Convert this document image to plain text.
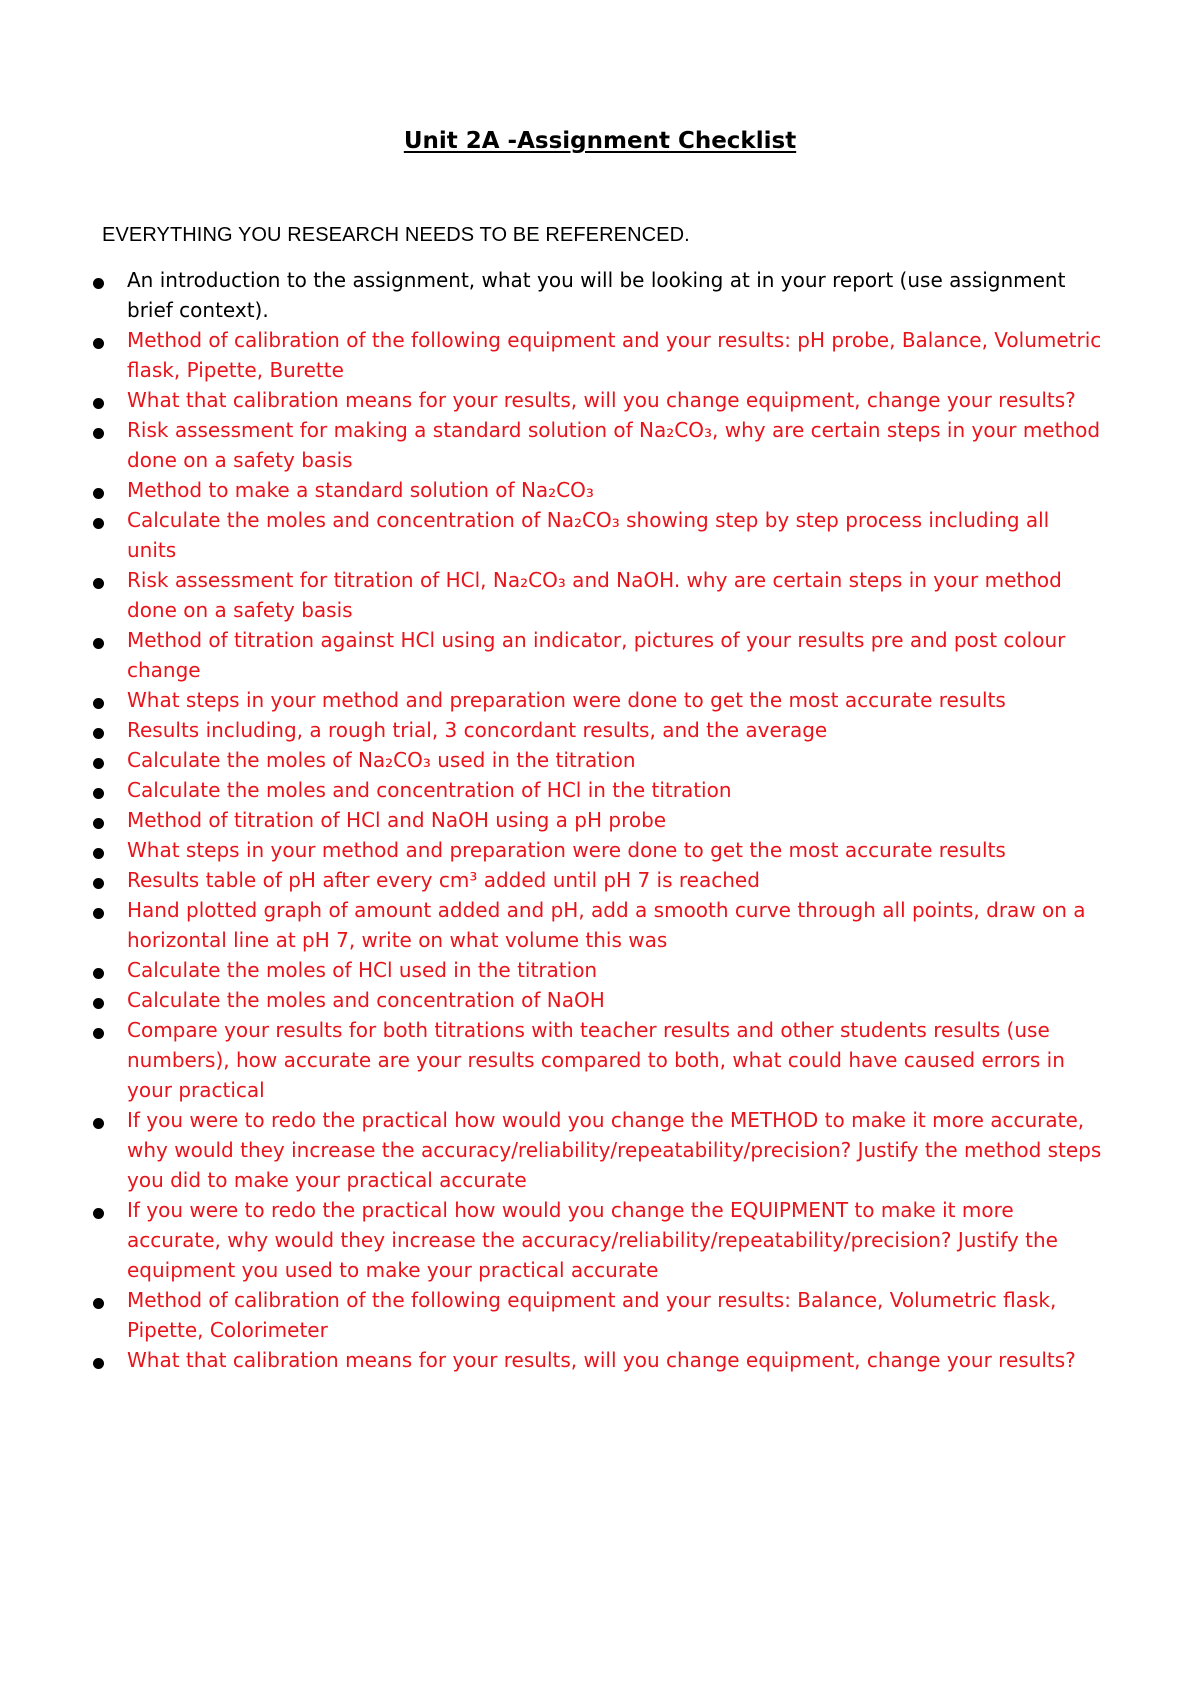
Unit 2A -Assignment Checklist

EVERYTHING YOU RESEARCH NEEDS TO BE REFERENCED.

An introduction to the assignment, what you will be looking at in your report (use assignment brief context).
Method of calibration of the following equipment and your results: pH probe, Balance, Volumetric flask, Pipette, Burette
What that calibration means for your results, will you change equipment, change your results?
Risk assessment for making a standard solution of Na₂CO₃, why are certain steps in your method done on a safety basis
Method to make a standard solution of Na₂CO₃
Calculate the moles and concentration of Na₂CO₃ showing step by step process including all units
Risk assessment for titration of HCl, Na₂CO₃ and NaOH. why are certain steps in your method done on a safety basis
Method of titration against HCl using an indicator, pictures of your results pre and post colour change
What steps in your method and preparation were done to get the most accurate results
Results including, a rough trial, 3 concordant results, and the average
Calculate the moles of Na₂CO₃ used in the titration
Calculate the moles and concentration of HCl in the titration
Method of titration of HCl and NaOH using a pH probe
What steps in your method and preparation were done to get the most accurate results
Results table of pH after every cm³ added until pH 7 is reached
Hand plotted graph of amount added and pH, add a smooth curve through all points, draw on a horizontal line at pH 7, write on what volume this was
Calculate the moles of HCl used in the titration
Calculate the moles and concentration of NaOH
Compare your results for both titrations with teacher results and other students results (use numbers), how accurate are your results compared to both, what could have caused errors in your practical
If you were to redo the practical how would you change the METHOD to make it more accurate, why would they increase the accuracy/reliability/repeatability/precision? Justify the method steps you did to make your practical accurate
If you were to redo the practical how would you change the EQUIPMENT to make it more accurate, why would they increase the accuracy/reliability/repeatability/precision? Justify the equipment you used to make your practical accurate
Method of calibration of the following equipment and your results: Balance, Volumetric flask, Pipette, Colorimeter
What that calibration means for your results, will you change equipment, change your results?
